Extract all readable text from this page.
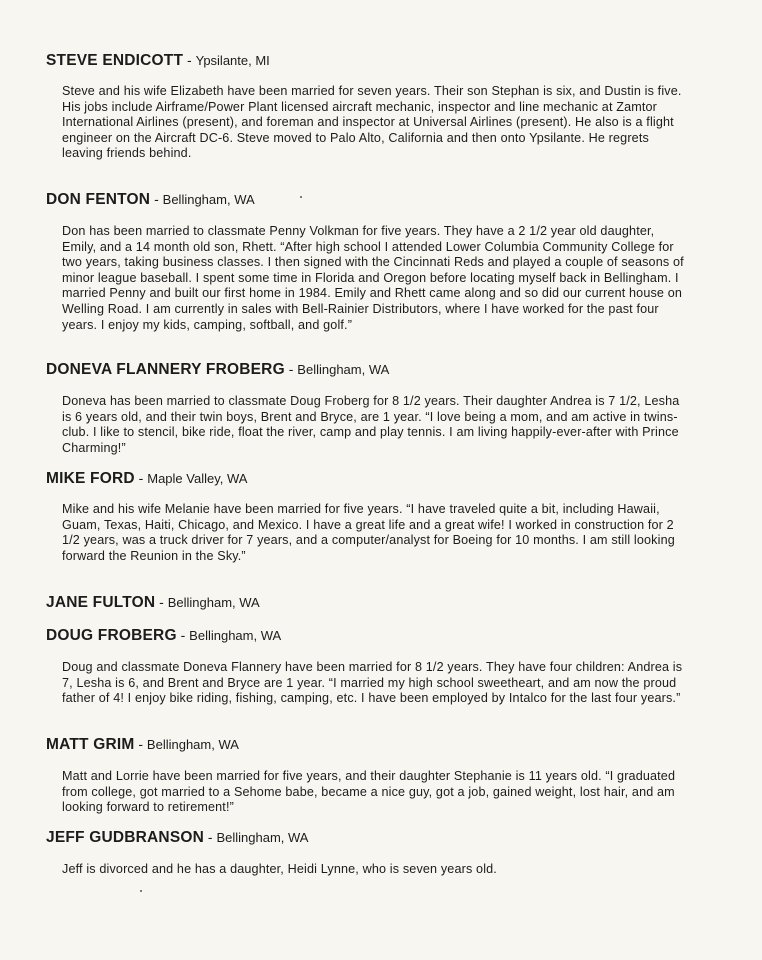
STEVE ENDICOTT - Ypsilante, MI

Steve and his wife Elizabeth have been married for seven years. Their son Stephan is six, and Dustin is five. His jobs include Airframe/Power Plant licensed aircraft mechanic, inspector and line mechanic at Zamtor International Airlines (present), and foreman and inspector at Universal Airlines (present). He also is a flight engineer on the Aircraft DC-6. Steve moved to Palo Alto, California and then onto Ypsilante. He regrets leaving friends behind.

DON FENTON - Bellingham, WA

Don has been married to classmate Penny Volkman for five years. They have a 2 1/2 year old daughter, Emily, and a 14 month old son, Rhett. “After high school I attended Lower Columbia Community College for two years, taking business classes. I then signed with the Cincinnati Reds and played a couple of seasons of minor league baseball. I spent some time in Florida and Oregon before locating myself back in Bellingham. I married Penny and built our first home in 1984. Emily and Rhett came along and so did our current house on Welling Road. I am currently in sales with Bell-Rainier Distributors, where I have worked for the past four years. I enjoy my kids, camping, softball, and golf.”

DONEVA FLANNERY FROBERG - Bellingham, WA

Doneva has been married to classmate Doug Froberg for 8 1/2 years. Their daughter Andrea is 7 1/2, Lesha is 6 years old, and their twin boys, Brent and Bryce, are 1 year. “I love being a mom, and am active in twins-club. I like to stencil, bike ride, float the river, camp and play tennis. I am living happily-ever-after with Prince Charming!”

MIKE FORD - Maple Valley, WA

Mike and his wife Melanie have been married for five years. “I have traveled quite a bit, including Hawaii, Guam, Texas, Haiti, Chicago, and Mexico. I have a great life and a great wife! I worked in construction for 2 1/2 years, was a truck driver for 7 years, and a computer/analyst for Boeing for 10 months. I am still looking forward the Reunion in the Sky.”

JANE FULTON - Bellingham, WA

DOUG FROBERG - Bellingham, WA

Doug and classmate Doneva Flannery have been married for 8 1/2 years. They have four children: Andrea is 7, Lesha is 6, and Brent and Bryce are 1 year. “I married my high school sweetheart, and am now the proud father of 4! I enjoy bike riding, fishing, camping, etc. I have been employed by Intalco for the last four years.”

MATT GRIM - Bellingham, WA

Matt and Lorrie have been married for five years, and their daughter Stephanie is 11 years old. “I graduated from college, got married to a Sehome babe, became a nice guy, got a job, gained weight, lost hair, and am looking forward to retirement!”

JEFF GUDBRANSON - Bellingham, WA

Jeff is divorced and he has a daughter, Heidi Lynne, who is seven years old.
